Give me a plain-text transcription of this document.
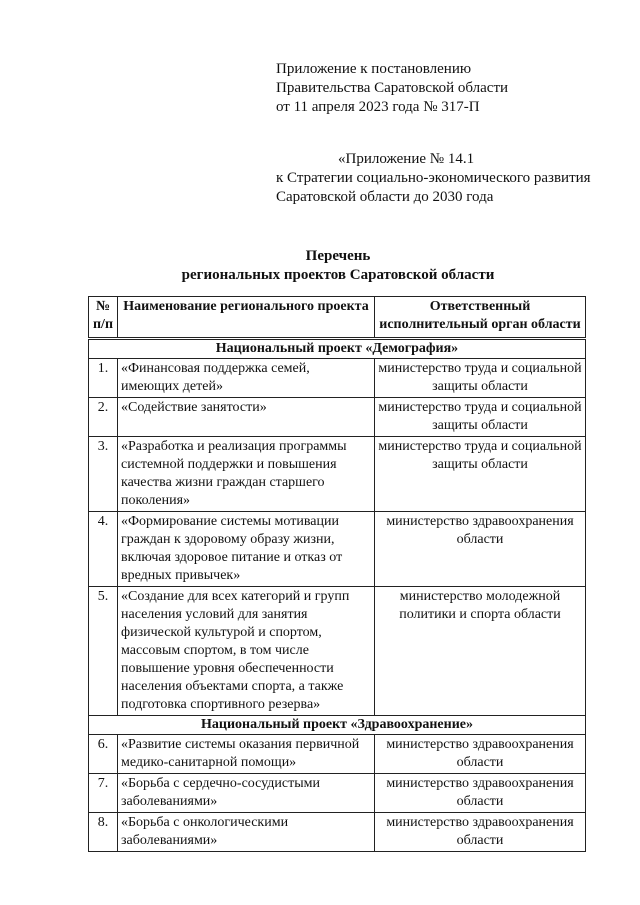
Приложение к постановлению
Правительства Саратовской области
от 11 апреля 2023 года № 317-П
«Приложение № 14.1
к Стратегии социально-экономического развития
Саратовской области до 2030 года
Перечень
региональных проектов Саратовской области
№ п/п	Наименование регионального проекта	Ответственный исполнительный орган области
Национальный проект «Демография»		
1.	«Финансовая поддержка семей, имеющих детей»	министерство труда и социальной защиты области
2.	«Содействие занятости»	министерство труда и социальной защиты области
3.	«Разработка и реализация программы системной поддержки и повышения качества жизни граждан старшего поколения»	министерство труда и социальной защиты области
4.	«Формирование системы мотивации граждан к здоровому образу жизни, включая здоровое питание и отказ от вредных привычек»	министерство здравоохранения области
5.	«Создание для всех категорий и групп населения условий для занятия физической культурой и спортом, массовым спортом, в том числе повышение уровня обеспеченности населения объектами спорта, а также подготовка спортивного резерва»	министерство молодежной политики и спорта области
Национальный проект «Здравоохранение»		
6.	«Развитие системы оказания первичной медико-санитарной помощи»	министерство здравоохранения области
7.	«Борьба с сердечно-сосудистыми заболеваниями»	министерство здравоохранения области
8.	«Борьба с онкологическими заболеваниями»	министерство здравоохранения области
